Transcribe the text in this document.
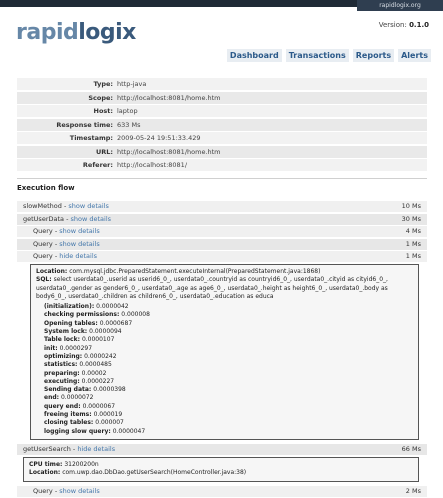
rapidlogix.org
rapidlogix	Version: 0.1.0
Dashboard	Transactions	Reports	Alerts
Type: http-java
Scope: http://localhost:8081/home.htm
Host: laptop
Response time: 633 Ms
Timestamp: 2009-05-24 19:51:33.429
URL: http://localhost:8081/home.htm
Referer: http://localhost:8081/
Execution flow
slowMethod - show details	10 Ms
getUserData - show details	30 Ms
Query - show details	4 Ms
Query - show details	1 Ms
Query - hide details	1 Ms
Location: com.mysql.jdbc.PreparedStatement.executeInternal(PreparedStatement.java:1868)
SQL: select userdata0_.userid as userid6_0_, userdata0_.countryid as countryid6_0_, userdata0_.cityid as cityid6_0_, userdata0_.gender as gender6_0_, userdata0_.age as age6_0_, userdata0_.height as height6_0_, userdata0_.body as body6_0_, userdata0_.children as children6_0_, userdata0_.education as educa
(initialization): 0.0000042
checking permissions: 0.000008
Opening tables: 0.0000687
System lock: 0.0000094
Table lock: 0.0000107
init: 0.0000297
optimizing: 0.0000242
statistics: 0.0000485
preparing: 0.00002
executing: 0.0000227
Sending data: 0.0000398
end: 0.0000072
query end: 0.0000067
freeing items: 0.000019
closing tables: 0.000007
logging slow query: 0.0000047
getUserSearch - hide details	66 Ms
CPU time: 31200200n
Location: com.uwp.dao.DbDao.getUserSearch(HomeController.java:38)
Query - show details	2 Ms
